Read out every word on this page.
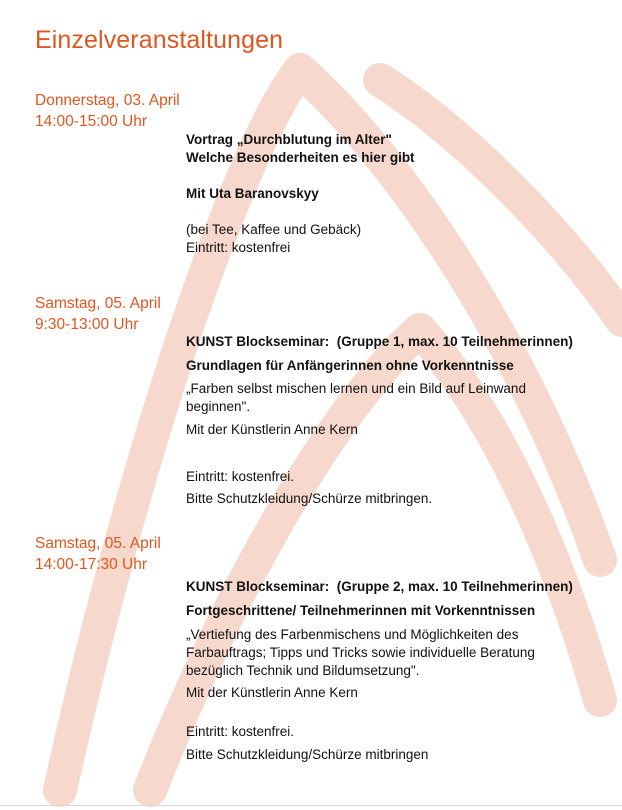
Einzelveranstaltungen
Donnerstag, 03. April
14:00-15:00 Uhr
Vortrag „Durchblutung im Alter"
Welche Besonderheiten es hier gibt
Mit Uta Baranovskyy
(bei Tee, Kaffee und Gebäck)
Eintritt: kostenfrei
Samstag, 05. April
9:30-13:00 Uhr
KUNST Blockseminar:  (Gruppe 1, max. 10 Teilnehmerinnen)
Grundlagen für Anfängerinnen ohne Vorkenntnisse
„Farben selbst mischen lernen und ein Bild auf Leinwand
beginnen".
Mit der Künstlerin Anne Kern
Eintritt: kostenfrei.
Bitte Schutzkleidung/Schürze mitbringen.
Samstag, 05. April
14:00-17:30 Uhr
KUNST Blockseminar:  (Gruppe 2, max. 10 Teilnehmerinnen)
Fortgeschrittene/ Teilnehmerinnen mit Vorkenntnissen
„Vertiefung des Farbenmischens und Möglichkeiten des
Farbauftrags; Tipps und Tricks sowie individuelle Beratung
bezüglich Technik und Bildumsetzung".
Mit der Künstlerin Anne Kern
Eintritt: kostenfrei.
Bitte Schutzkleidung/Schürze mitbringen
